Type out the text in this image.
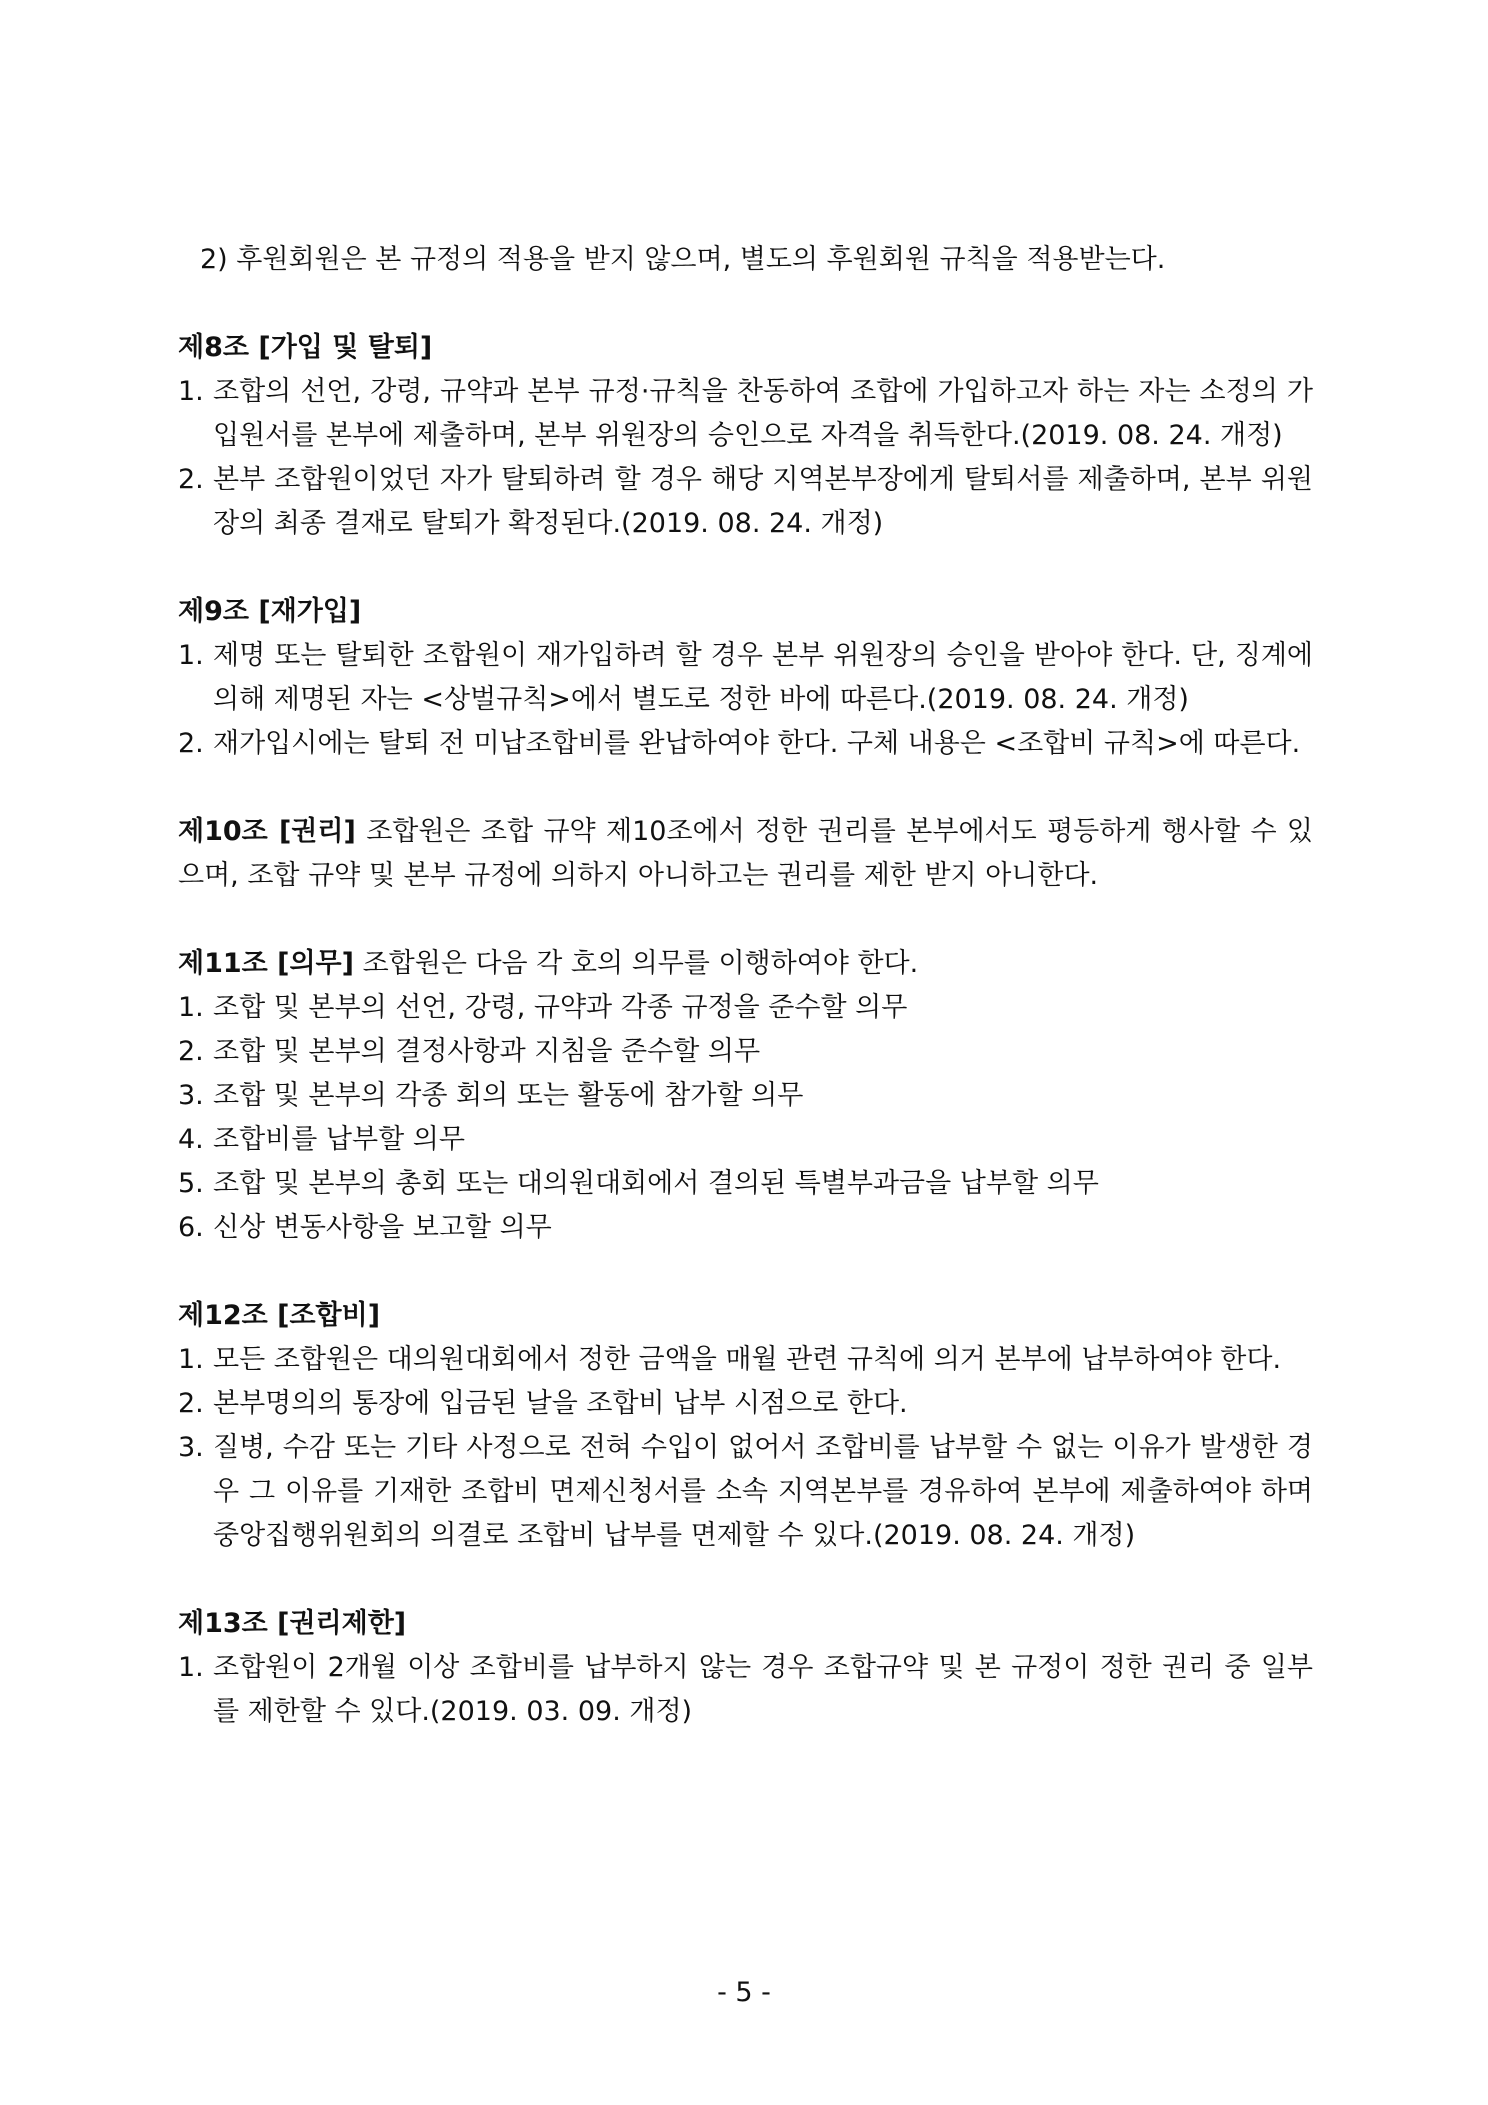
2) 후원회원은 본 규정의 적용을 받지 않으며, 별도의 후원회원 규칙을 적용받는다.

제8조 [가입 및 탈퇴]

1. 조합의 선언, 강령, 규약과 본부 규정·규칙을 찬동하여 조합에 가입하고자 하는 자는 소정의 가입원서를 본부에 제출하며, 본부 위원장의 승인으로 자격을 취득한다.(2019. 08. 24. 개정)
2. 본부 조합원이었던 자가 탈퇴하려 할 경우 해당 지역본부장에게 탈퇴서를 제출하며, 본부 위원장의 최종 결재로 탈퇴가 확정된다.(2019. 08. 24. 개정)

제9조 [재가입]

1. 제명 또는 탈퇴한 조합원이 재가입하려 할 경우 본부 위원장의 승인을 받아야 한다. 단, 징계에 의해 제명된 자는 <상벌규칙>에서 별도로 정한 바에 따른다.(2019. 08. 24. 개정)
2. 재가입시에는 탈퇴 전 미납조합비를 완납하여야 한다. 구체 내용은 <조합비 규칙>에 따른다.

제10조 [권리] 조합원은 조합 규약 제10조에서 정한 권리를 본부에서도 평등하게 행사할 수 있으며, 조합 규약 및 본부 규정에 의하지 아니하고는 권리를 제한 받지 아니한다.

제11조 [의무] 조합원은 다음 각 호의 의무를 이행하여야 한다.

1. 조합 및 본부의 선언, 강령, 규약과 각종 규정을 준수할 의무
2. 조합 및 본부의 결정사항과 지침을 준수할 의무
3. 조합 및 본부의 각종 회의 또는 활동에 참가할 의무
4. 조합비를 납부할 의무
5. 조합 및 본부의 총회 또는 대의원대회에서 결의된 특별부과금을 납부할 의무
6. 신상 변동사항을 보고할 의무

제12조 [조합비]

1. 모든 조합원은 대의원대회에서 정한 금액을 매월 관련 규칙에 의거 본부에 납부하여야 한다.
2. 본부명의의 통장에 입금된 날을 조합비 납부 시점으로 한다.
3. 질병, 수감 또는 기타 사정으로 전혀 수입이 없어서 조합비를 납부할 수 없는 이유가 발생한 경우 그 이유를 기재한 조합비 면제신청서를 소속 지역본부를 경유하여 본부에 제출하여야 하며 중앙집행위원회의 의결로 조합비 납부를 면제할 수 있다.(2019. 08. 24. 개정)

제13조 [권리제한]

1. 조합원이 2개월 이상 조합비를 납부하지 않는 경우 조합규약 및 본 규정이 정한 권리 중 일부를 제한할 수 있다.(2019. 03. 09. 개정)
- 5 -
